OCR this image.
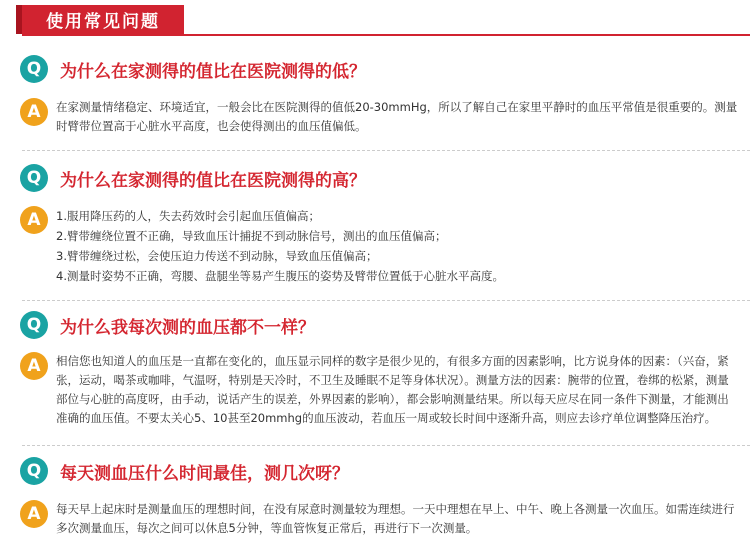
使用常见问题
Q	为什么在家测得的值比在医院测得的低？
A	在家测量情绪稳定、环境适宜，一般会比在医院测得的值低20-30mmHg，所以了解自己在家里平静时的血压平常值是很重要的。测量时臂带位置高于心脏水平高度，也会使得测出的血压值偏低。

Q	为什么在家测得的值比在医院测得的高？
A	1.服用降压药的人，失去药效时会引起血压值偏高；

2.臂带缠绕位置不正确，导致血压计捕捉不到动脉信号，测出的血压值偏高；

3.臂带缠绕过松，会使压迫力传送不到动脉，导致血压值偏高；

4.测量时姿势不正确，弯腰、盘腿坐等易产生腹压的姿势及臂带位置低于心脏水平高度。

Q	为什么我每次测的血压都不一样？
A	相信您也知道人的血压是一直都在变化的，血压显示同样的数字是很少见的，有很多方面的因素影响，比方说身体的因素：（兴奋，紧张，运动，喝茶或咖啡，气温呀，特别是天冷时，不卫生及睡眠不足等身体状况）。测量方法的因素：腕带的位置，卷绑的松紧，测量部位与心脏的高度呀，由手动，说话产生的误差，外界因素的影响），都会影响测量结果。所以每天应尽在同一条件下测量，才能测出准确的血压值。不要太关心5、10甚至20mmhg的血压波动，若血压一周或较长时间中逐渐升高，则应去诊疗单位调整降压治疗。

Q	每天测血压什么时间最佳，测几次呀？
A	每天早上起床时是测量血压的理想时间，在没有尿意时测量较为理想。一天中理想在早上、中午、晚上各测量一次血压。如需连续进行多次测量血压，每次之间可以休息5分钟，等血管恢复正常后，再进行下一次测量。
